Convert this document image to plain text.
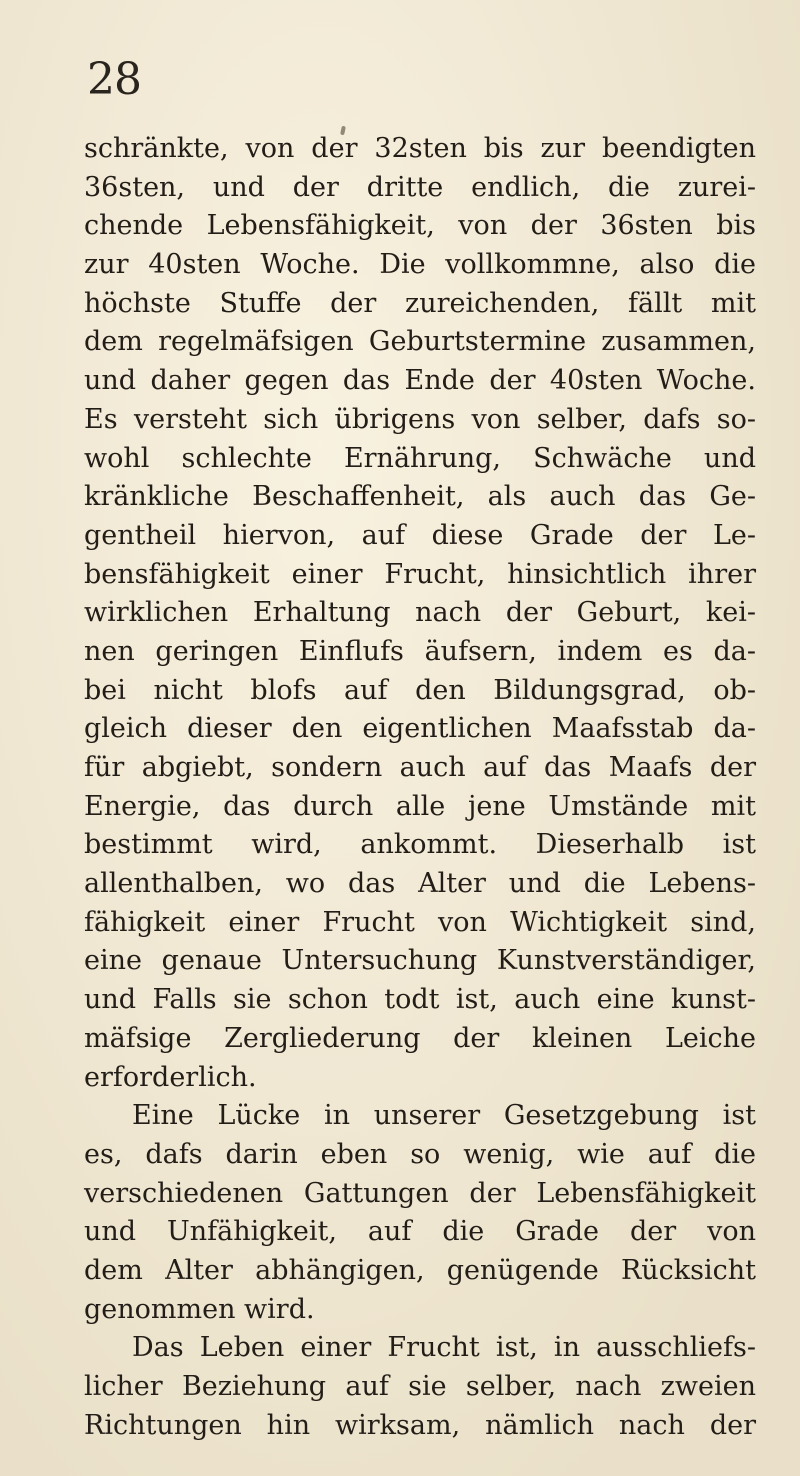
28
schränkte, von der 32sten bis zur beendigten
36sten, und der dritte endlich, die zurei-
chende Lebensfähigkeit, von der 36sten bis
zur 40sten Woche. Die vollkommne, also die
höchste Stuffe der zureichenden, fällt mit
dem regelmäfsigen Geburtstermine zusammen,
und daher gegen das Ende der 40sten Woche.
Es versteht sich übrigens von selber, dafs so-
wohl schlechte Ernährung, Schwäche und
kränkliche Beschaffenheit, als auch das Ge-
gentheil hiervon, auf diese Grade der Le-
bensfähigkeit einer Frucht, hinsichtlich ihrer
wirklichen Erhaltung nach der Geburt, kei-
nen geringen Einflufs äufsern, indem es da-
bei nicht blofs auf den Bildungsgrad, ob-
gleich dieser den eigentlichen Maafsstab da-
für abgiebt, sondern auch auf das Maafs der
Energie, das durch alle jene Umstände mit
bestimmt wird, ankommt. Dieserhalb ist
allenthalben, wo das Alter und die Lebens-
fähigkeit einer Frucht von Wichtigkeit sind,
eine genaue Untersuchung Kunstverständiger,
und Falls sie schon todt ist, auch eine kunst-
mäfsige Zergliederung der kleinen Leiche
erforderlich.
Eine Lücke in unserer Gesetzgebung ist
es, dafs darin eben so wenig, wie auf die
verschiedenen Gattungen der Lebensfähigkeit
und Unfähigkeit, auf die Grade der von
dem Alter abhängigen, genügende Rücksicht
genommen wird.
Das Leben einer Frucht ist, in ausschliefs-
licher Beziehung auf sie selber, nach zweien
Richtungen hin wirksam, nämlich nach der
